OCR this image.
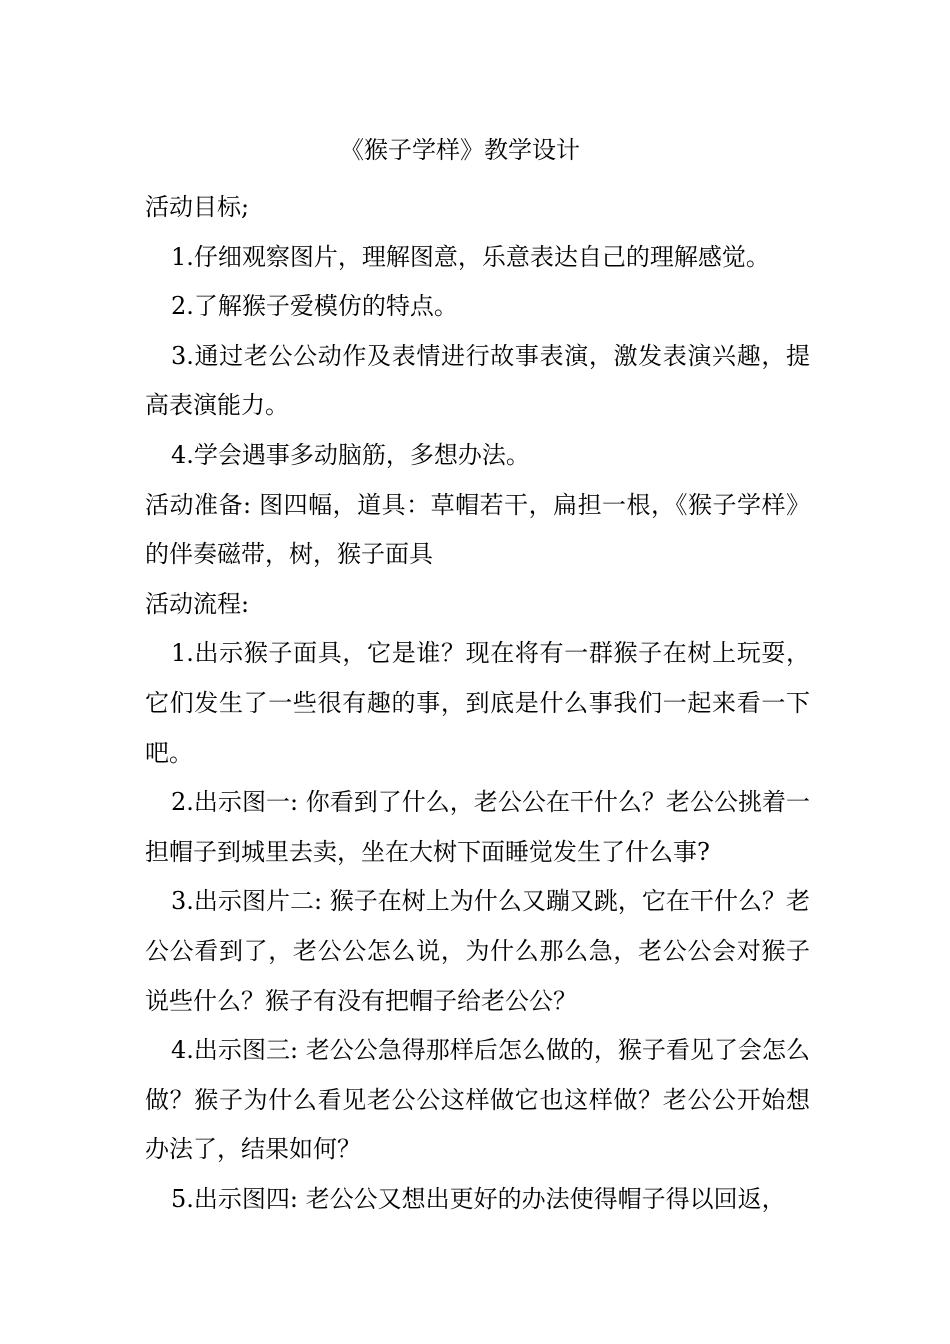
《猴子学样》教学设计

活动目标;

1.仔细观察图片，理解图意，乐意表达自己的理解感觉。

2.了解猴子爱模仿的特点。

3.通过老公公动作及表情进行故事表演，激发表演兴趣，提高表演能力。

4.学会遇事多动脑筋，多想办法。

活动准备: 图四幅，道具：草帽若干，扁担一根，《猴子学样》的伴奏磁带，树，猴子面具

活动流程:

1.出示猴子面具，它是谁？现在将有一群猴子在树上玩耍，它们发生了一些很有趣的事，到底是什么事我们一起来看一下吧。

2.出示图一: 你看到了什么，老公公在干什么？老公公挑着一担帽子到城里去卖，坐在大树下面睡觉发生了什么事?

3.出示图片二: 猴子在树上为什么又蹦又跳，它在干什么？老公公看到了，老公公怎么说，为什么那么急，老公公会对猴子说些什么？猴子有没有把帽子给老公公？

4.出示图三: 老公公急得那样后怎么做的，猴子看见了会怎么做？猴子为什么看见老公公这样做它也这样做？老公公开始想办法了，结果如何？

5.出示图四: 老公公又想出更好的办法使得帽子得以回返，
